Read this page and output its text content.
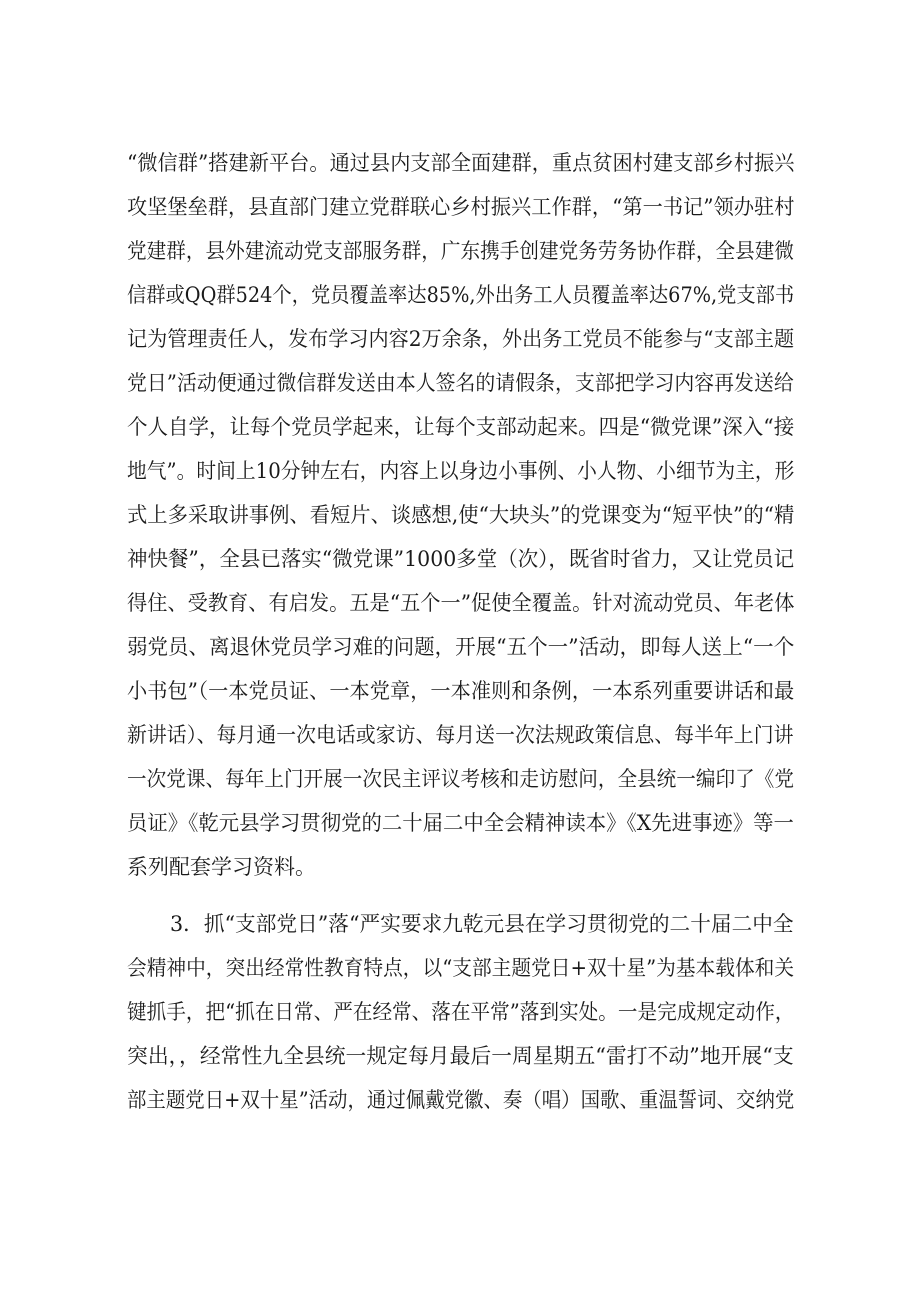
“微信群”搭建新平台。通过县内支部全面建群，重点贫困村建支部乡村振兴
攻坚堡垒群，县直部门建立党群联心乡村振兴工作群，“第一书记”领办驻村
党建群，县外建流动党支部服务群，广东携手创建党务劳务协作群，全县建微
信群或QQ群524个，党员覆盖率达85%,外出务工人员覆盖率达67%,党支部书
记为管理责任人，发布学习内容2万余条，外出务工党员不能参与“支部主题
党日”活动便通过微信群发送由本人签名的请假条，支部把学习内容再发送给
个人自学，让每个党员学起来，让每个支部动起来。四是“微党课”深入“接
地气”。时间上10分钟左右，内容上以身边小事例、小人物、小细节为主，形
式上多采取讲事例、看短片、谈感想,使“大块头”的党课变为“短平快”的“精
神快餐”，全县已落实“微党课”1000多堂（次），既省时省力，又让党员记
得住、受教育、有启发。五是“五个一”促使全覆盖。针对流动党员、年老体
弱党员、离退休党员学习难的问题，开展“五个一”活动，即每人送上“一个
小书包”（一本党员证、一本党章，一本准则和条例，一本系列重要讲话和最
新讲话）、每月通一次电话或家访、每月送一次法规政策信息、每半年上门讲
一次党课、每年上门开展一次民主评议考核和走访慰问，全县统一编印了《党
员证》《乾元县学习贯彻党的二十届二中全会精神读本》《X先进事迹》等一
系列配套学习资料。
3．抓“支部党日”落“严实要求九乾元县在学习贯彻党的二十届二中全
会精神中，突出经常性教育特点，以“支部主题党日+双十星”为基本载体和关
键抓手，把“抓在日常、严在经常、落在平常”落到实处。一是完成规定动作，
突出，，经常性九全县统一规定每月最后一周星期五“雷打不动”地开展“支
部主题党日+双十星”活动，通过佩戴党徽、奏（唱）国歌、重温誓词、交纳党
